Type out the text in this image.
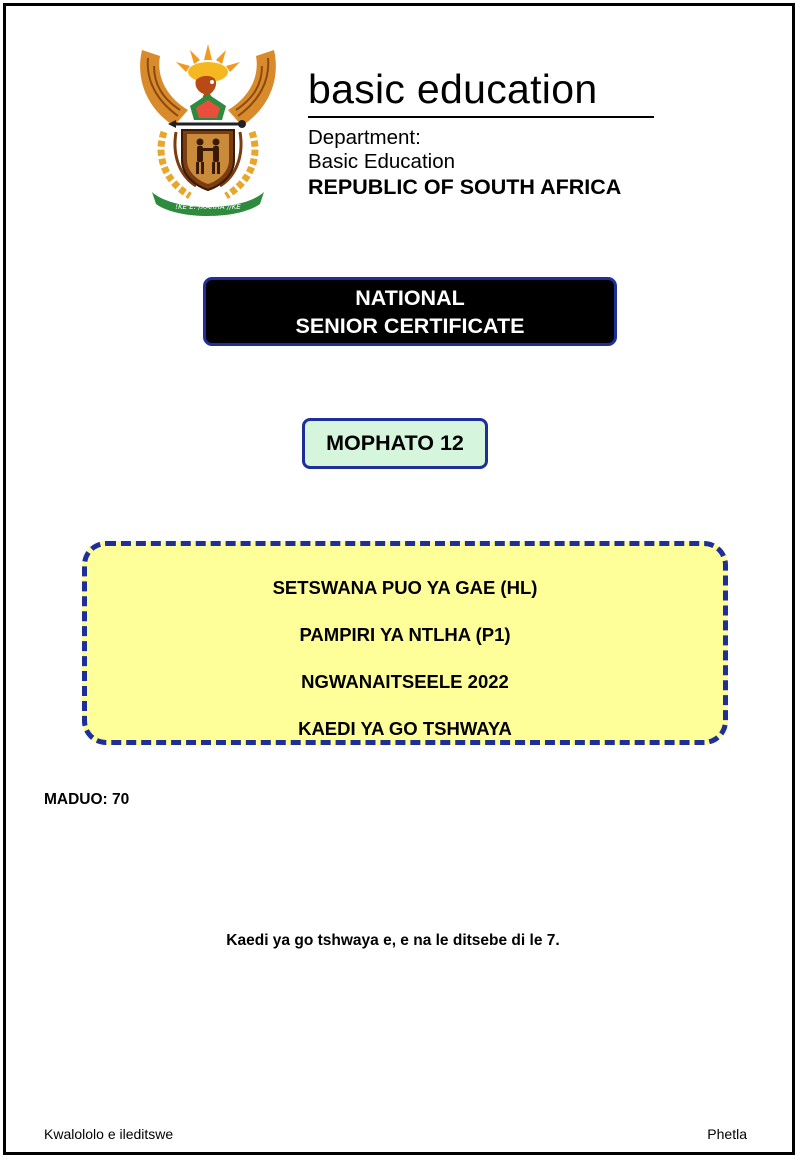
!KE E: /XARRA //KE
basic education
Department:
Basic Education
REPUBLIC OF SOUTH AFRICA
NATIONAL
SENIOR CERTIFICATE
MOPHATO 12
SETSWANA PUO YA GAE (HL)
PAMPIRI YA NTLHA (P1)
NGWANAITSEELE 2022
KAEDI YA GO TSHWAYA
MADUO: 70
Kaedi ya go tshwaya e, e na le ditsebe di le 7.
Kwalololo e ileditswe	Phetla
